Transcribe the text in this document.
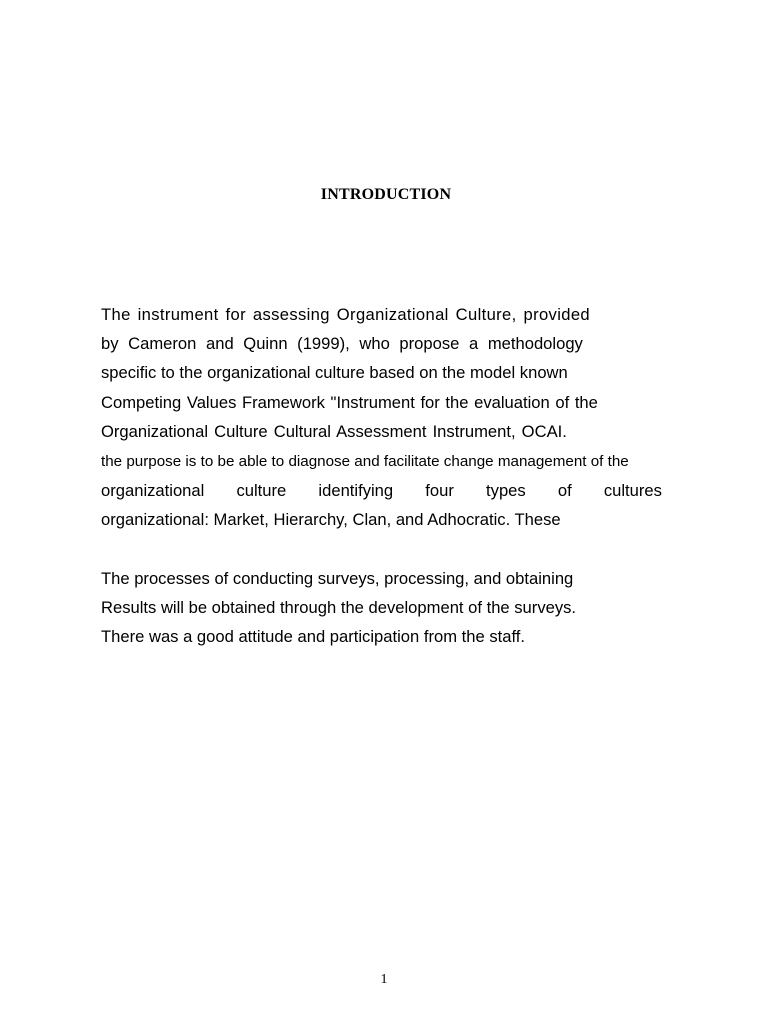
INTRODUCTION
The instrument for assessing Organizational Culture, provided
by Cameron and Quinn (1999), who propose a methodology
specific to the organizational culture based on the model known
Competing Values Framework "Instrument for the evaluation of the
Organizational Culture Cultural Assessment Instrument, OCAI.
the purpose is to be able to diagnose and facilitate change management of the
organizational culture identifying four types of cultures
organizational: Market, Hierarchy, Clan, and Adhocratic. These
The processes of conducting surveys, processing, and obtaining
Results will be obtained through the development of the surveys.
There was a good attitude and participation from the staff.
1
